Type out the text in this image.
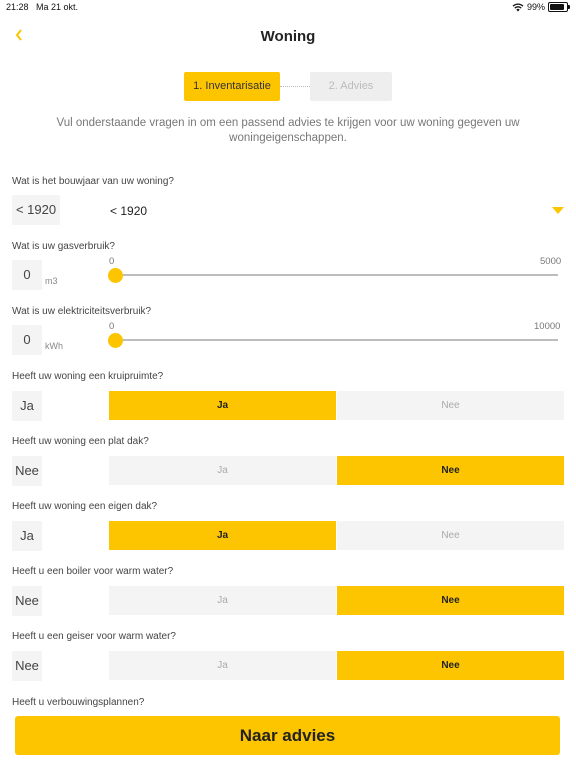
21:28 Ma 21 okt.	99%
Woning
1. Inventarisatie	2. Advies
Vul onderstaande vragen in om een passend advies te krijgen voor uw woning gegeven uw woningeigenschappen.
Wat is het bouwjaar van uw woning?
< 1920	< 1920
Wat is uw gasverbruik?
0	m3
0	5000
Wat is uw elektriciteitsverbruik?
0	kWh
0	10000
Heeft uw woning een kruipruimte?
Ja	Ja	Nee
Heeft uw woning een plat dak?
Nee	Ja	Nee
Heeft uw woning een eigen dak?
Ja	Ja	Nee
Heeft u een boiler voor warm water?
Nee	Ja	Nee
Heeft u een geiser voor warm water?
Nee	Ja	Nee
Heeft u verbouwingsplannen?
Naar advies
